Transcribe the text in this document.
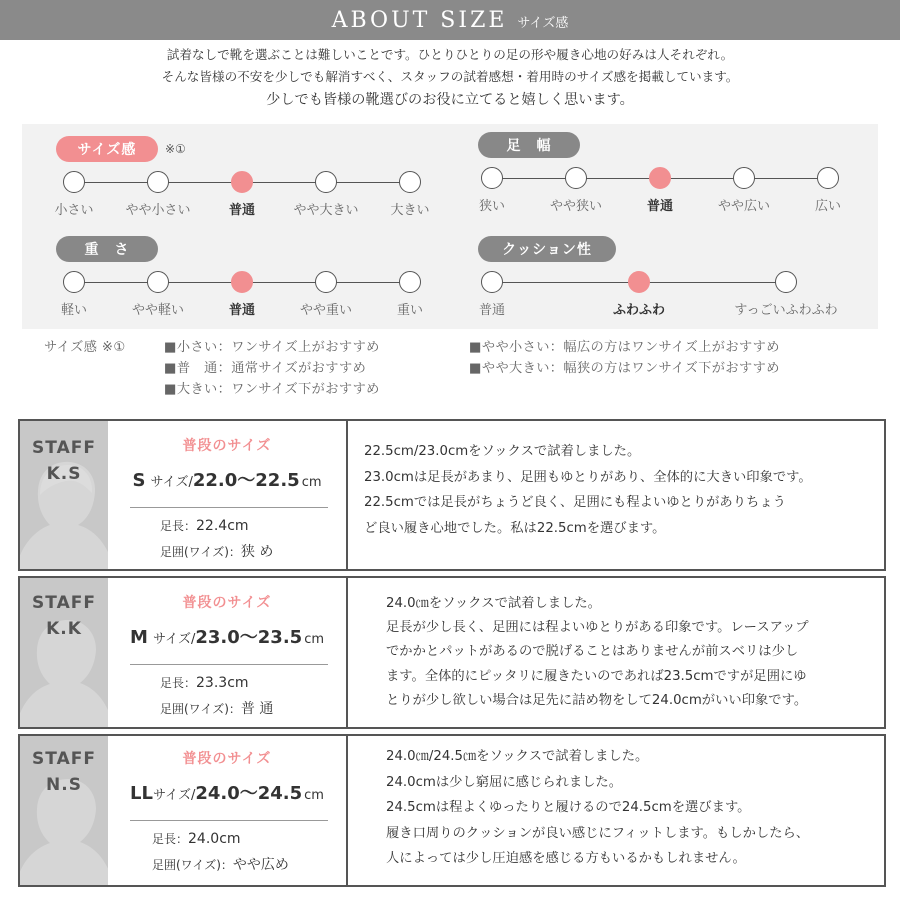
ABOUT SIZE サイズ感
試着なしで靴を選ぶことは難しいことです。ひとりひとりの足の形や履き心地の好みは人それぞれ。
そんな皆様の不安を少しでも解消すべく、スタッフの試着感想・着用時のサイズ感を掲載しています。
少しでも皆様の靴選びのお役に立てると嬉しく思います。
サイズ感	※①
小さい やや小さい	普通	やや大きい 大きい
重　さ
軽い	やや軽い	普通	やや重い	重い
足　幅
狭い	やや狭い	普通	やや広い	広い
クッション性
普通	ふわふわ	すっごいふわふわ
サイズ感 ※①	■小さい：ワンサイズ上がおすすめ
■普　通：通常サイズがおすすめ
■大きい：ワンサイズ下がおすすめ
■やや小さい：幅広の方はワンサイズ上がおすすめ
■やや大きい：幅狭の方はワンサイズ下がおすすめ
STAFF
K.S
普段のサイズ
S サイズ/22.0〜22.5 cm
足長：22.4cm
足囲(ワイズ)：狭 め
22.5cm/23.0cmをソックスで試着しました。
23.0cmは足長があまり、足囲もゆとりがあり、全体的に大きい印象です。
22.5cmでは足長がちょうど良く、足囲にも程よいゆとりがありちょう
ど良い履き心地でした。私は22.5cmを選びます。
STAFF
K.K
普段のサイズ
M サイズ/23.0〜23.5 cm
足長：23.3cm
足囲(ワイズ)：普 通
24.0㎝をソックスで試着しました。
足長が少し長く、足囲には程よいゆとりがある印象です。レースアップ
でかかとパットがあるので脱げることはありませんが前スベリは少し
ます。全体的にピッタリに履きたいのであれば23.5cmですが足囲にゆ
とりが少し欲しい場合は足先に詰め物をして24.0cmがいい印象です。
STAFF
N.S
普段のサイズ
LLサイズ/24.0〜24.5 cm
足長：24.0cm
足囲(ワイズ)：やや広め
24.0㎝/24.5㎝をソックスで試着しました。
24.0cmは少し窮屈に感じられました。
24.5cmは程よくゆったりと履けるので24.5cmを選びます。
履き口周りのクッションが良い感じにフィットします。もしかしたら、
人によっては少し圧迫感を感じる方もいるかもしれません。
